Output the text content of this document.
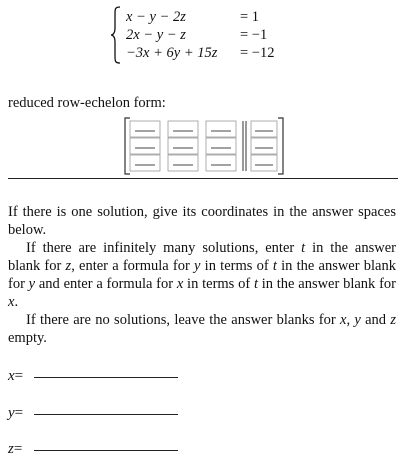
x − y − 2z	= 1
2x − y − z	= −1
−3x + 6y + 15z = −12
reduced row-echelon form:

If there is one solution, give its coordinates in the answer spaces below.

If there are infinitely many solutions, enter t in the answer blank for z, enter a formula for y in terms of t in the answer blank for y and enter a formula for x in terms of t in the answer blank for x.

If there are no solutions, leave the answer blanks for x, y and z empty.

x=
y=
z=
